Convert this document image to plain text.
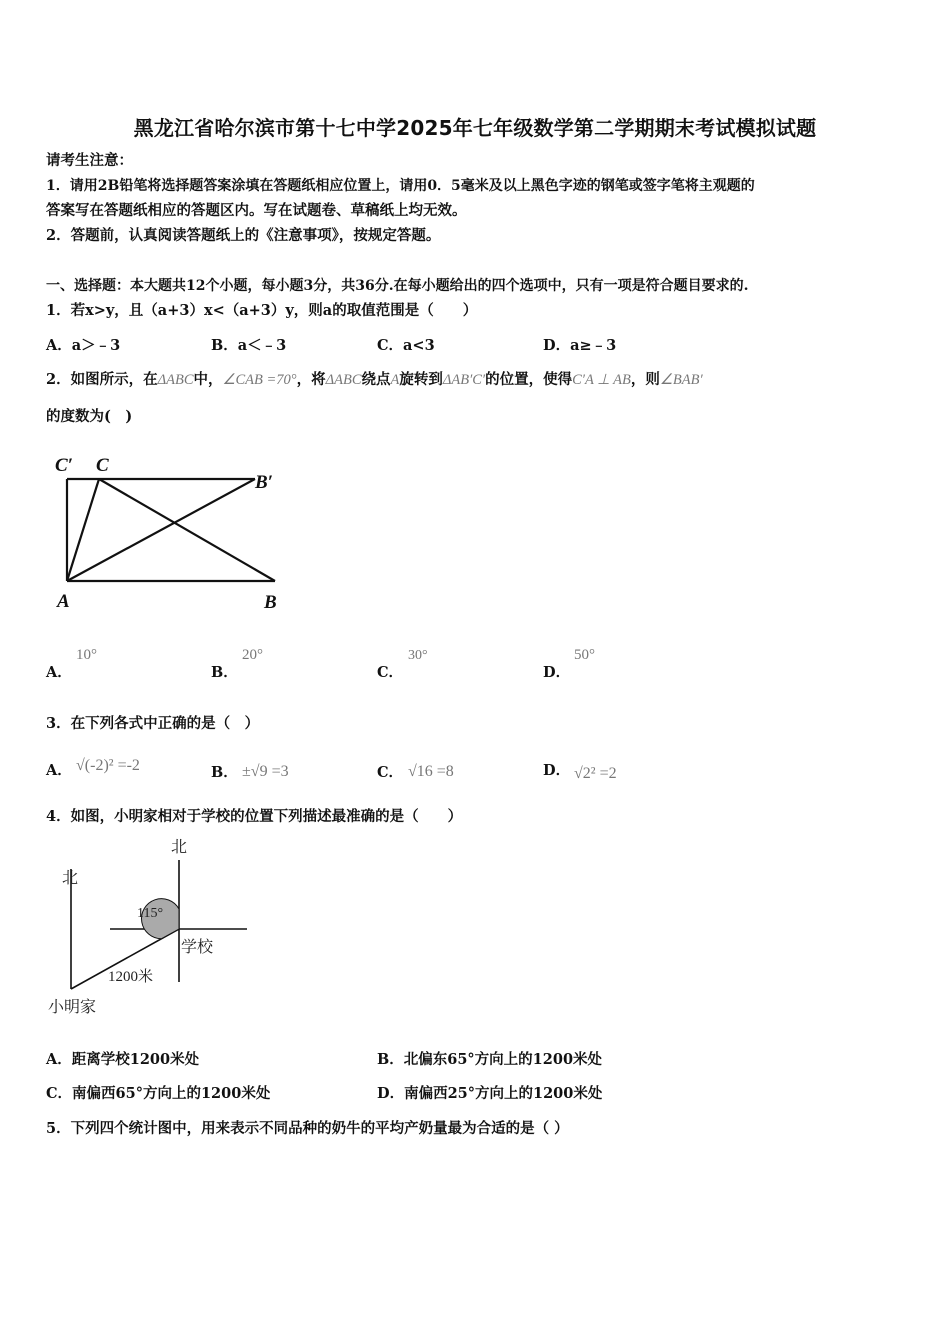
黑龙江省哈尔滨市第十七中学2025年七年级数学第二学期期末考试模拟试题
请考生注意：
1．请用2B铅笔将选择题答案涂填在答题纸相应位置上，请用0．5毫米及以上黑色字迹的钢笔或签字笔将主观题的
答案写在答题纸相应的答题区内。写在试题卷、草稿纸上均无效。
2．答题前，认真阅读答题纸上的《注意事项》，按规定答题。
一、选择题：本大题共12个小题，每小题3分，共36分.在每小题给出的四个选项中，只有一项是符合题目要求的.
1．若x>y，且（a+3）x<（a+3）y，则a的取值范围是（　　）
A．a＞﹣3	B．a＜﹣3	C．a<3	D．a≥﹣3
2．如图所示，在ΔABC中，∠CAB =70°，将ΔABC绕点A旋转到ΔAB′C′的位置，使得C′A ⊥ AB，则∠BAB′
的度数为(　)
C′ C
B′
A	B
A．
10°
B．
20°
C．
30°
D．
50°
3．在下列各式中正确的是（　）
A． √(-2)² =-2	B． ±√9 =3	C． √16 =8	D． √2² =2
4．如图，小明家相对于学校的位置下列描述最准确的是（　　）
北
北
115°
学校
1200米
小明家
A．距离学校1200米处	B．北偏东65°方向上的1200米处
C．南偏西65°方向上的1200米处	D．南偏西25°方向上的1200米处
5．下列四个统计图中，用来表示不同品种的奶牛的平均产奶量最为合适的是（ ）
